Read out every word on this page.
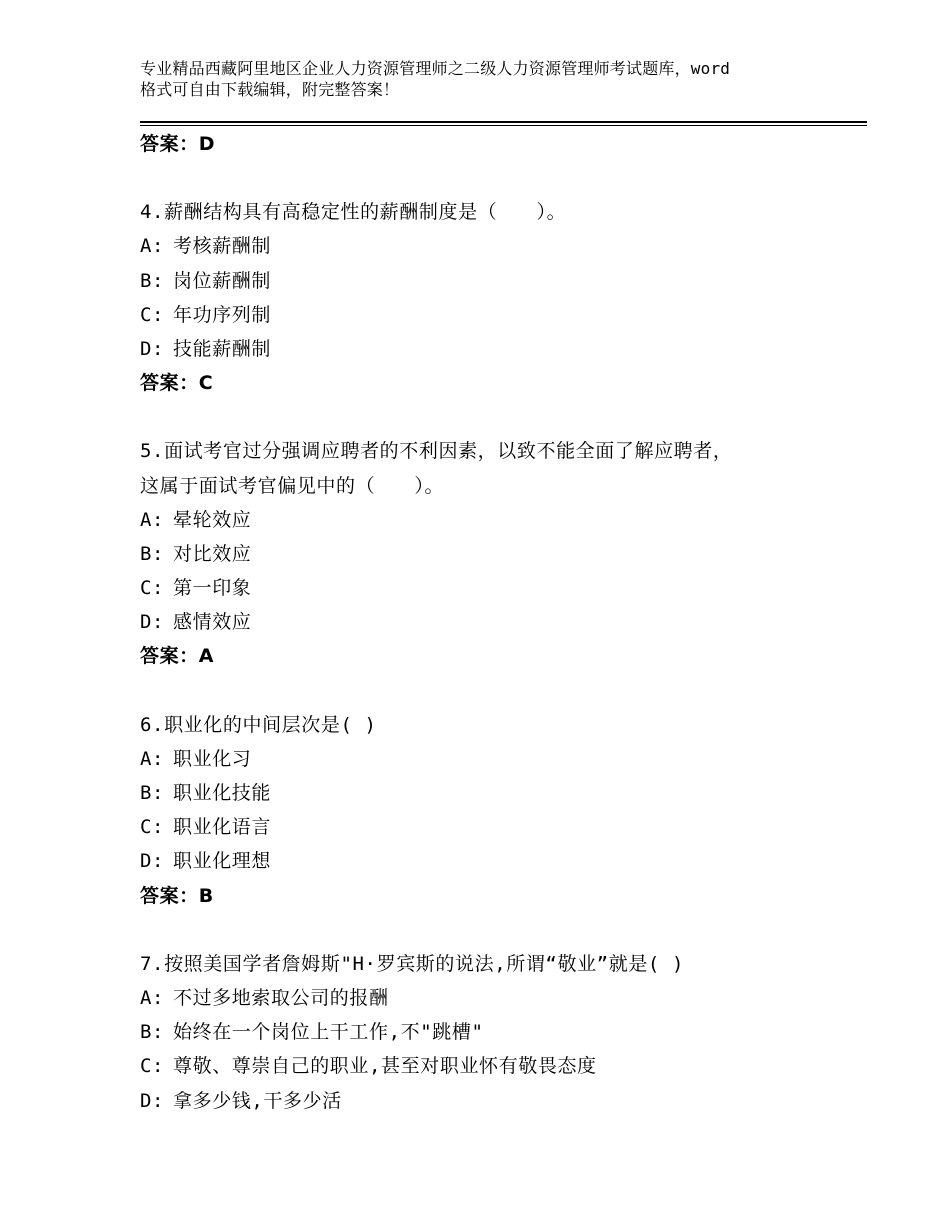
专业精品西藏阿里地区企业人力资源管理师之二级人力资源管理师考试题库，word
格式可自由下载编辑，附完整答案！
答案：D
4.薪酬结构具有高稳定性的薪酬制度是（　　）。
A: 考核薪酬制
B: 岗位薪酬制
C: 年功序列制
D: 技能薪酬制
答案：C
5.面试考官过分强调应聘者的不利因素，以致不能全面了解应聘者，
这属于面试考官偏见中的（　　）。
A: 晕轮效应
B: 对比效应
C: 第一印象
D: 感情效应
答案：A
6.职业化的中间层次是( )
A: 职业化习
B: 职业化技能
C: 职业化语言
D: 职业化理想
答案：B
7.按照美国学者詹姆斯"H·罗宾斯的说法,所谓“敬业”就是( )
A: 不过多地索取公司的报酬
B: 始终在一个岗位上干工作,不"跳槽"
C: 尊敬、尊崇自己的职业,甚至对职业怀有敬畏态度
D: 拿多少钱,干多少活
